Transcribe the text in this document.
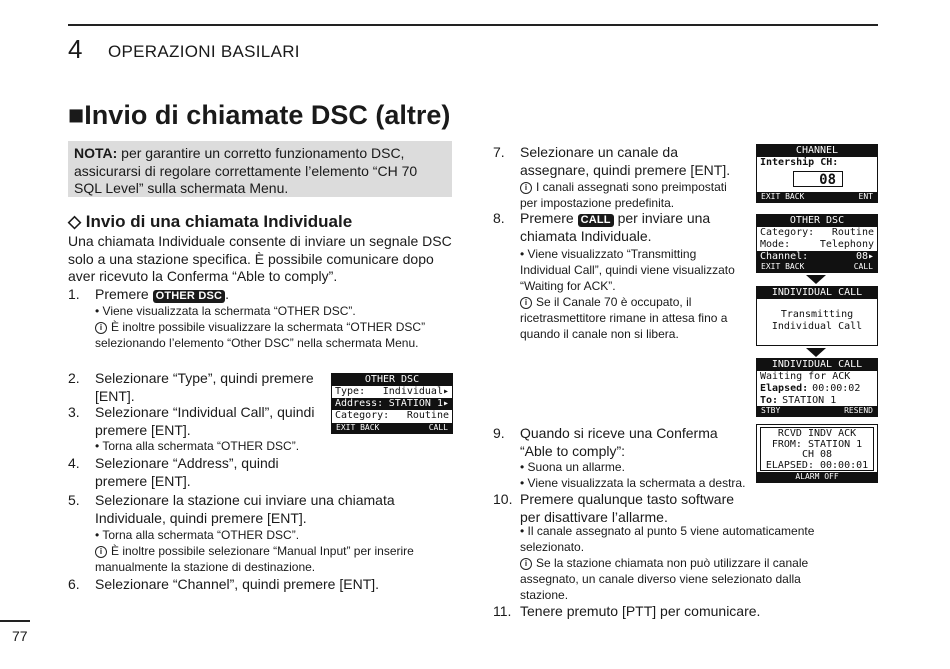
4 OPERAZIONI BASILARI
■Invio di chiamate DSC (altre)
NOTA: per garantire un corretto funzionamento DSC, assicurarsi di regolare correttamente l’elemento “CH 70 SQL Level” sulla schermata Menu.
◇ Invio di una chiamata Individuale
Una chiamata Individuale consente di inviare un segnale DSC solo a una stazione specifica. È possibile comunicare dopo aver ricevuto la Conferma “Able to comply”.
1. Premere OTHER DSC .
• Viene visualizzata la schermata “OTHER DSC”.
i È inoltre possibile visualizzare la schermata “OTHER DSC” selezionando l’elemento “Other DSC” nella schermata Menu.
2. Selezionare “Type”, quindi premere [ENT].
3. Selezionare “Individual Call”, quindi premere [ENT].
• Torna alla schermata “OTHER DSC”.
4. Selezionare “Address”, quindi premere [ENT].
5. Selezionare la stazione cui inviare una chiamata Individuale, quindi premere [ENT].
• Torna alla schermata “OTHER DSC”.
i È inoltre possibile selezionare “Manual Input” per inserire manualmente la stazione di destinazione.
6. Selezionare “Channel”, quindi premere [ENT].
OTHER DSC
Type: Individual▸
Address: STATION 1▸
Category: Routine
EXIT BACK	CALL
7. Selezionare un canale da assegnare, quindi premere [ENT].
i I canali assegnati sono preimpostati per impostazione predefinita.
8. Premere CALL per inviare una chiamata Individuale.
• Viene visualizzato “Transmitting Individual Call”, quindi viene visualizzato “Waiting for ACK”.
i Se il Canale 70 è occupato, il ricetrasmettitore rimane in attesa fino a quando il canale non si libera.
9. Quando si riceve una Conferma “Able to comply”:
• Suona un allarme.
• Viene visualizzata la schermata a destra.
10. Premere qualunque tasto software per disattivare l’allarme.
• Il canale assegnato al punto 5 viene automaticamente selezionato.
i Se la stazione chiamata non può utilizzare il canale assegnato, un canale diverso viene selezionato dalla stazione.
11. Tenere premuto [PTT] per comunicare.
CHANNEL
Intership CH:
08
EXIT BACK	ENT
OTHER DSC
Category: Routine
Mode:	Telephony
Channel:	08▸
EXIT BACK	CALL
INDIVIDUAL CALL
Transmitting
Individual Call
INDIVIDUAL CALL
Waiting for ACK
Elapsed: 00:00:02
To: STATION 1
STBY	RESEND
RCVD INDV ACK
FROM: STATION 1
CH 08
ELAPSED: 00:00:01
ALARM OFF
77
